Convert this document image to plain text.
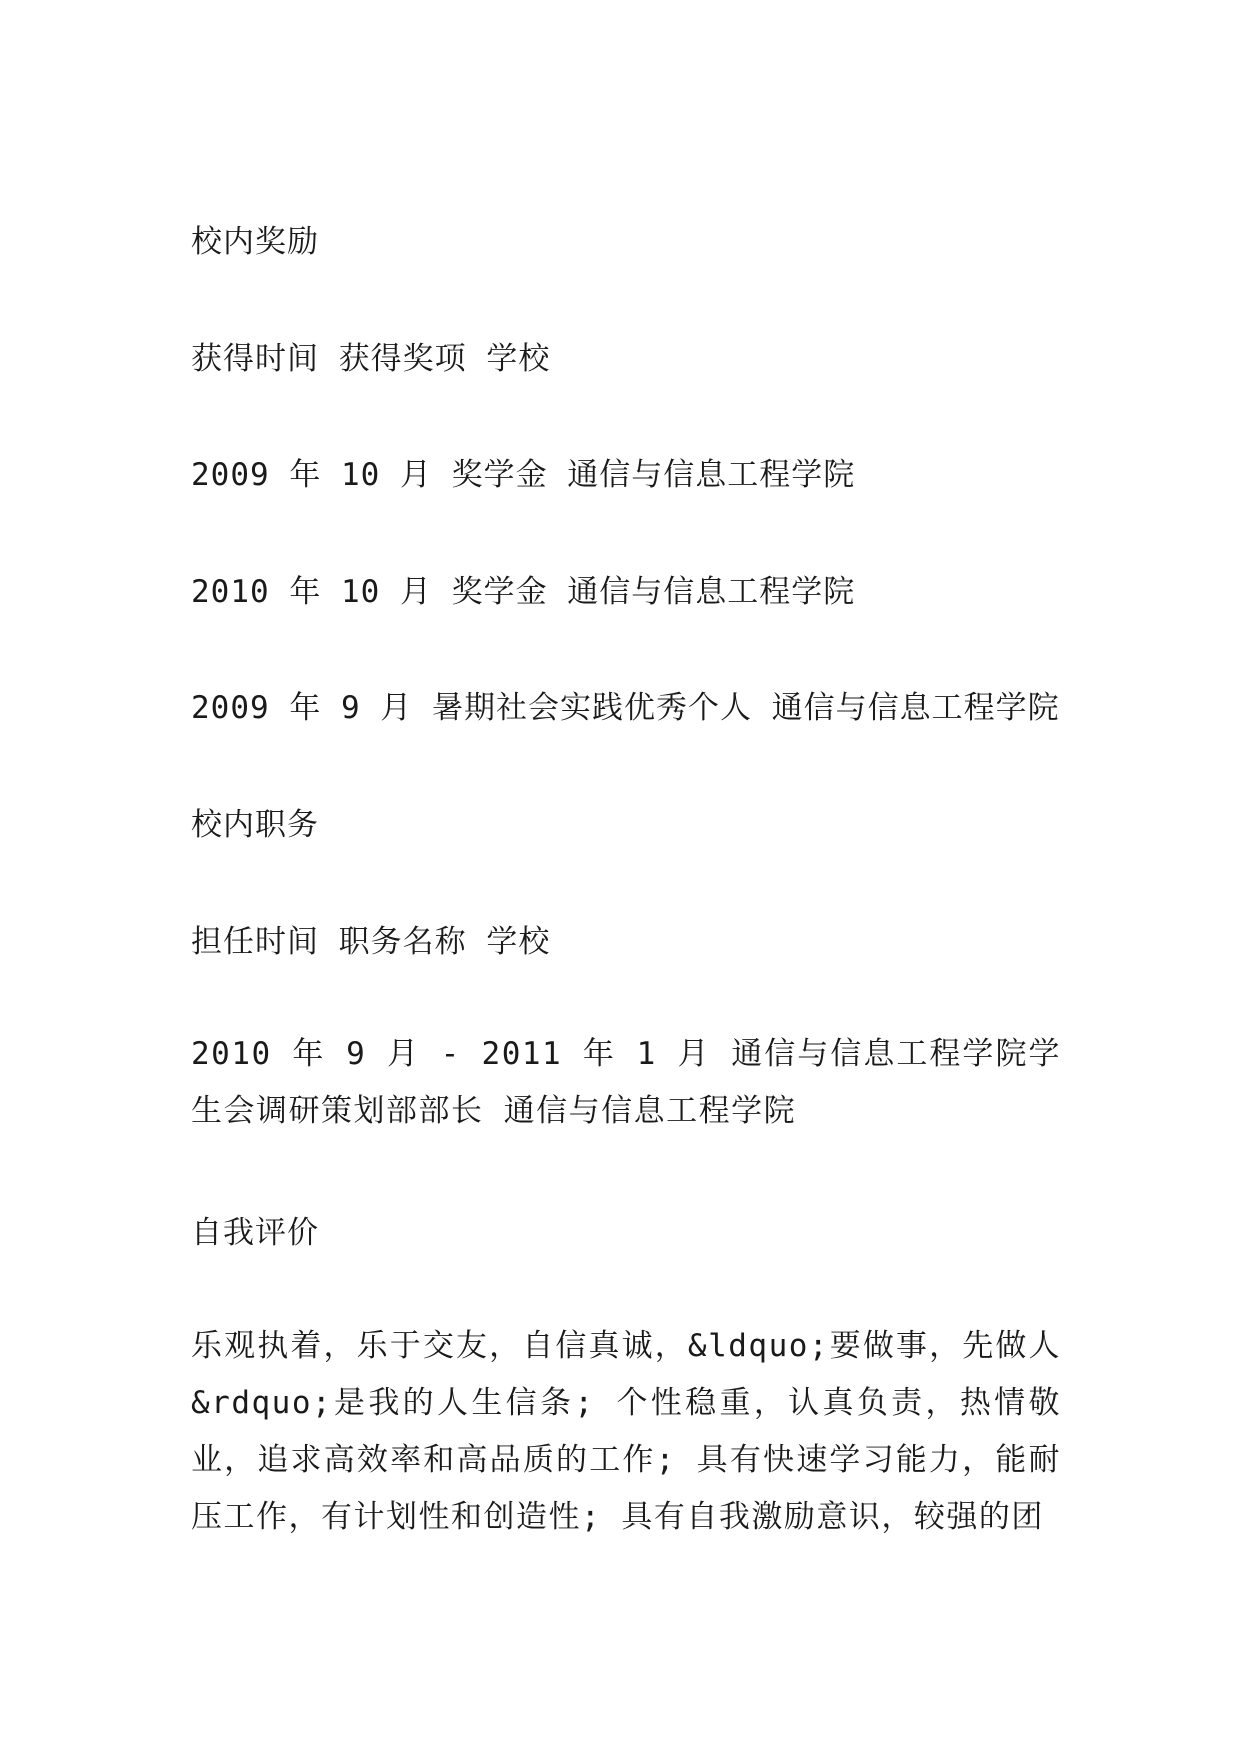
校内奖励
获得时间 获得奖项 学校
2009 年 10 月 奖学金 通信与信息工程学院
2010 年 10 月 奖学金 通信与信息工程学院
2009 年 9 月 暑期社会实践优秀个人 通信与信息工程学院
校内职务
担任时间 职务名称 学校
2010 年 9 月 - 2011 年 1 月 通信与信息工程学院学生会调研策划部部长 通信与信息工程学院
自我评价
乐观执着，乐于交友，自信真诚，&ldquo;要做事，先做人&rdquo;是我的人生信条; 个性稳重，认真负责，热情敬业，追求高效率和高品质的工作; 具有快速学习能力，能耐压工作，有计划性和创造性; 具有自我激励意识，较强的团
